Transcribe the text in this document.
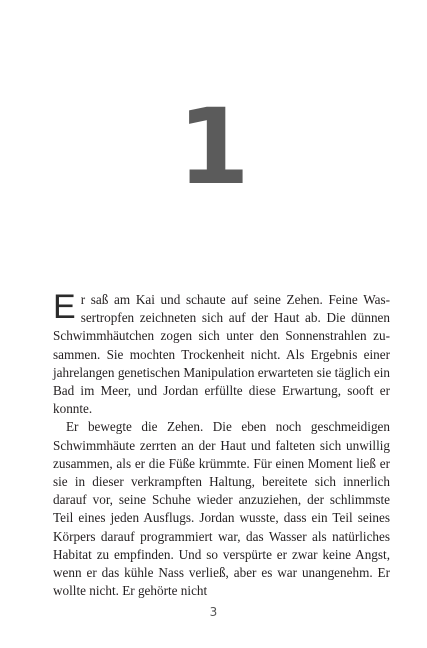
1

Er saß am Kai und schaute auf seine Zehen. Feine Wassertropfen zeichneten sich auf der Haut ab. Die dünnen Schwimmhäutchen zogen sich unter den Sonnenstrahlen zusammen. Sie mochten Trockenheit nicht. Als Ergebnis einer jahrelangen genetischen Manipulation erwarteten sie täglich ein Bad im Meer, und Jordan erfüllte diese Erwartung, sooft er konnte.

Er bewegte die Zehen. Die eben noch geschmeidigen Schwimmhäute zerrten an der Haut und falteten sich unwillig zusammen, als er die Füße krümmte. Für einen Moment ließ er sie in dieser verkrampften Haltung, bereitete sich innerlich darauf vor, seine Schuhe wieder anzuziehen, der schlimmste Teil eines jeden Ausflugs. Jordan wusste, dass ein Teil seines Körpers darauf programmiert war, das Wasser als natürliches Habitat zu empfinden. Und so verspürte er zwar keine Angst, wenn er das kühle Nass verließ, aber es war unangenehm. Er wollte nicht. Er gehörte nicht

3
